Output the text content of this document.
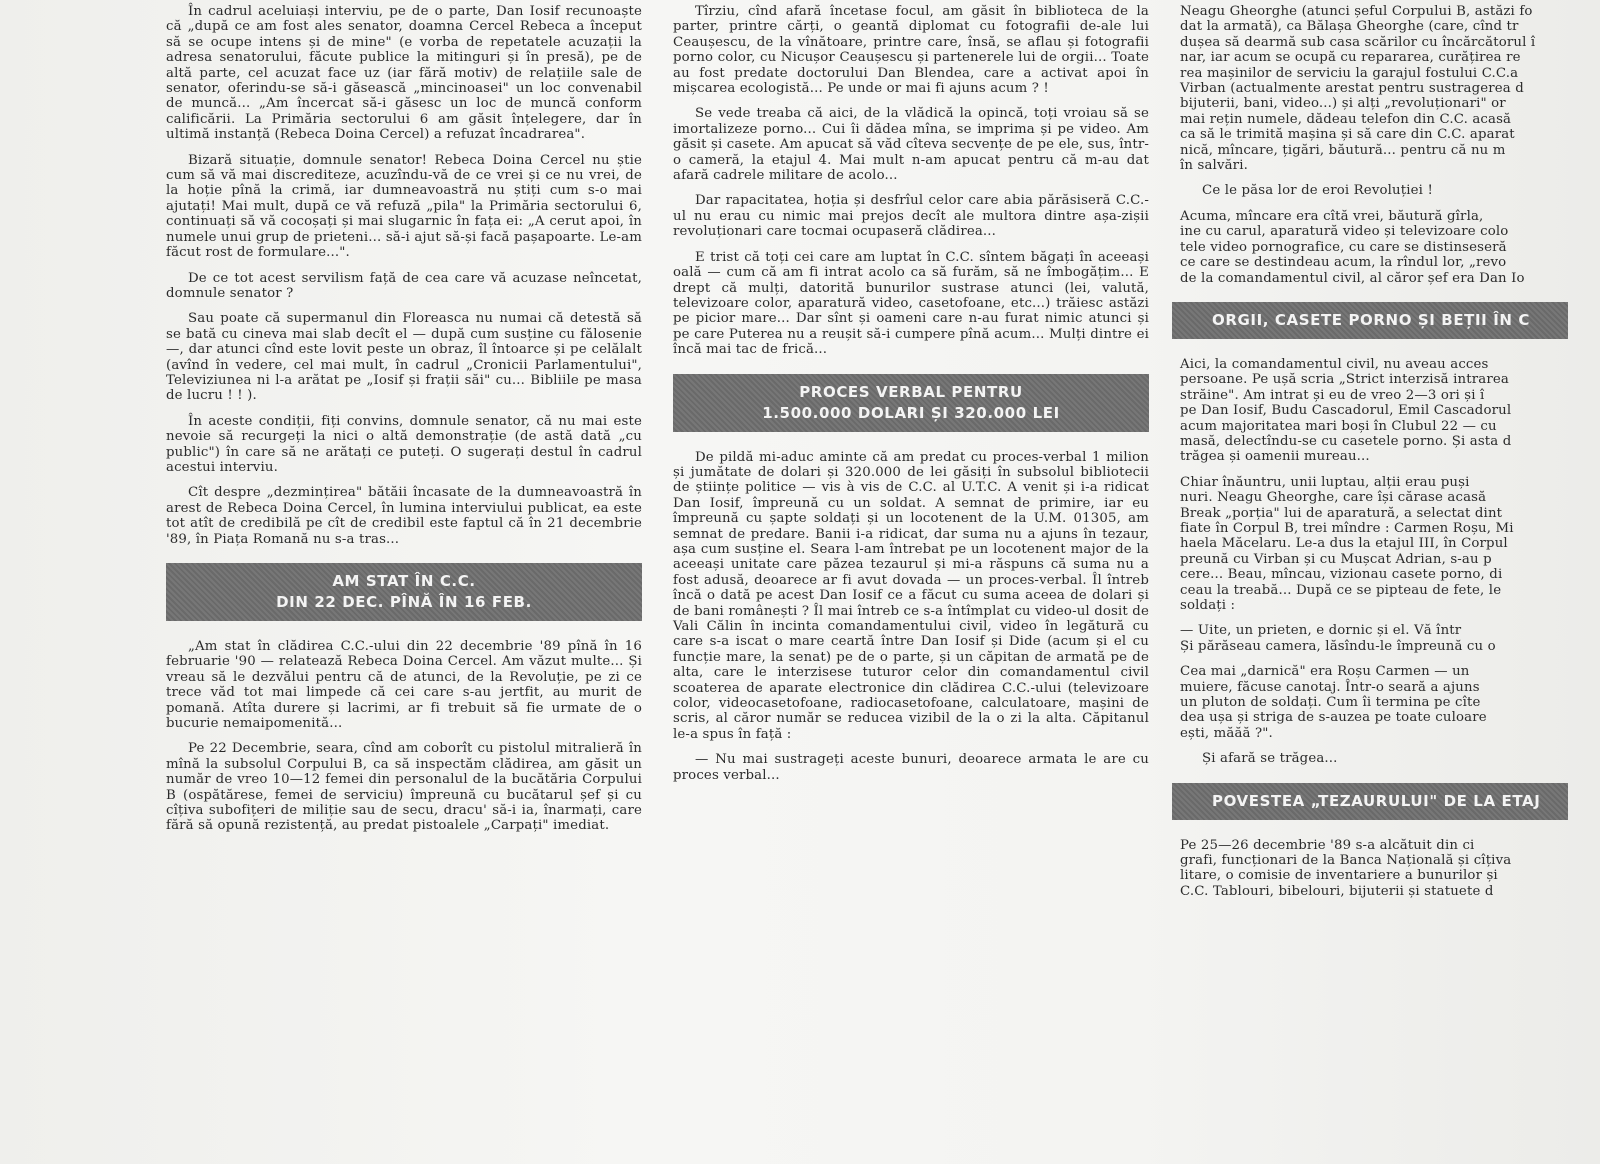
În cadrul aceluiași interviu, pe de o parte, Dan Iosif recunoaște că „după ce am fost ales senator, doamna Cercel Rebeca a început să se ocupe intens și de mine" (e vorba de repetatele acuzații la adresa senatorului, făcute publice la mitinguri și în presă), pe de altă parte, cel acuzat face uz (iar fără motiv) de relațiile sale de senator, oferindu-se să-i găsească „mincinoasei" un loc convenabil de muncă... „Am încercat să-i găsesc un loc de muncă conform calificării. La Primăria sectorului 6 am găsit înțelegere, dar în ultimă instanță (Rebeca Doina Cercel) a refuzat încadrarea".

Bizară situație, domnule senator! Rebeca Doina Cercel nu știe cum să vă mai discrediteze, acuzîndu-vă de ce vrei și ce nu vrei, de la hoție pînă la crimă, iar dumneavoastră nu știți cum s-o mai ajutați! Mai mult, după ce vă refuză „pila" la Primăria sectorului 6, continuați să vă cocoșați și mai slugarnic în fața ei: „A cerut apoi, în numele unui grup de prieteni... să-i ajut să-și facă pașapoarte. Le-am făcut rost de formulare...".

De ce tot acest servilism față de cea care vă acuzase neîncetat, domnule senator ?

Sau poate că supermanul din Floreasca nu numai că detestă să se bată cu cineva mai slab decît el — după cum susține cu fălosenie —, dar atunci cînd este lovit peste un obraz, îl întoarce și pe celălalt (avînd în vedere, cel mai mult, în cadrul „Cronicii Parlamentului", Televiziunea ni l-a arătat pe „Iosif și frații săi" cu... Bibliile pe masa de lucru ! ! ).

În aceste condiții, fiți convins, domnule senator, că nu mai este nevoie să recurgeți la nici o altă demonstrație (de astă dată „cu public") în care să ne arătați ce puteți. O sugerați destul în cadrul acestui interviu.

Cît despre „dezmințirea" bătăii încasate de la dumneavoastră în arest de Rebeca Doina Cercel, în lumina interviului publicat, ea este tot atît de credibilă pe cît de credibil este faptul că în 21 decembrie '89, în Piața Romană nu s-a tras...

AM STAT ÎN C.C.
DIN 22 DEC. PÎNĂ ÎN 16 FEB.

„Am stat în clădirea C.C.-ului din 22 decembrie '89 pînă în 16 februarie '90 — relatează Rebeca Doina Cercel. Am văzut multe... Și vreau să le dezvălui pentru că de atunci, de la Revoluție, pe zi ce trece văd tot mai limpede că cei care s-au jertfit, au murit de pomană. Atîta durere și lacrimi, ar fi trebuit să fie urmate de o bucurie nemaipomenită...

Pe 22 Decembrie, seara, cînd am coborît cu pistolul mitralieră în mînă la subsolul Corpului B, ca să inspectăm clădirea, am găsit un număr de vreo 10—12 femei din personalul de la bucătăria Corpului B (ospătărese, femei de serviciu) împreună cu bucătarul șef și cu cîțiva subofițeri de miliție sau de secu, dracu' să-i ia, înarmați, care fără să opună rezistență, au predat pistoalele „Carpați" imediat.

Tîrziu, cînd afară încetase focul, am găsit în biblioteca de la parter, printre cărți, o geantă diplomat cu fotografii de-ale lui Ceaușescu, de la vînătoare, printre care, însă, se aflau și fotografii porno color, cu Nicușor Ceaușescu și partenerele lui de orgii... Toate au fost predate doctorului Dan Blendea, care a activat apoi în mișcarea ecologistă... Pe unde or mai fi ajuns acum ? !

Se vede treaba că aici, de la vlădică la opincă, toți vroiau să se imortalizeze porno... Cui îi dădea mîna, se imprima și pe video. Am găsit și casete. Am apucat să văd cîteva secvențe de pe ele, sus, într-o cameră, la etajul 4. Mai mult n-am apucat pentru că m-au dat afară cadrele militare de acolo...

Dar rapacitatea, hoția și desfrîul celor care abia părăsiseră C.C.-ul nu erau cu nimic mai prejos decît ale multora dintre așa-zișii revoluționari care tocmai ocupaseră clădirea...

E trist că toți cei care am luptat în C.C. sîntem băgați în aceeași oală — cum că am fi intrat acolo ca să furăm, să ne îmbogățim... E drept că mulți, datorită bunurilor sustrase atunci (lei, valută, televizoare color, aparatură video, casetofoane, etc...) trăiesc astăzi pe picior mare... Dar sînt și oameni care n-au furat nimic atunci și pe care Puterea nu a reușit să-i cumpere pînă acum... Mulți dintre ei încă mai tac de frică...

PROCES VERBAL PENTRU
1.500.000 DOLARI ȘI 320.000 LEI

De pildă mi-aduc aminte că am predat cu proces-verbal 1 milion și jumătate de dolari și 320.000 de lei găsiți în subsolul bibliotecii de științe politice — vis à vis de C.C. al U.T.C. A venit și i-a ridicat Dan Iosif, împreună cu un soldat. A semnat de primire, iar eu împreună cu șapte soldați și un locotenent de la U.M. 01305, am semnat de predare. Banii i-a ridicat, dar suma nu a ajuns în tezaur, așa cum susține el. Seara l-am întrebat pe un locotenent major de la aceeași unitate care păzea tezaurul și mi-a răspuns că suma nu a fost adusă, deoarece ar fi avut dovada — un proces-verbal. Îl întreb încă o dată pe acest Dan Iosif ce a făcut cu suma aceea de dolari și de bani românești ? Îl mai întreb ce s-a întîmplat cu video-ul dosit de Vali Călin în incinta comandamentului civil, video în legătură cu care s-a iscat o mare ceartă între Dan Iosif și Dide (acum și el cu funcție mare, la senat) pe de o parte, și un căpitan de armată pe de alta, care le interzisese tuturor celor din comandamentul civil scoaterea de aparate electronice din clădirea C.C.-ului (televizoare color, videocasetofoane, radiocasetofoane, calculatoare, mașini de scris, al căror număr se reducea vizibil de la o zi la alta. Căpitanul le-a spus în față :

— Nu mai sustrageți aceste bunuri, deoarece armata le are cu proces verbal...

Neagu Gheorghe (atunci șeful Corpului B, astăzi fo
dat la armată), ca Bălașa Gheorghe (care, cînd tr
dușea să dearmă sub casa scărilor cu încărcătorul î
nar, iar acum se ocupă cu repararea, curățirea re
rea mașinilor de serviciu la garajul fostului C.C.a
Virban (actualmente arestat pentru sustragerea d
bijuterii, bani, video...) și alți „revoluționari" or
mai rețin numele, dădeau telefon din C.C. acasă
ca să le trimită mașina și să care din C.C. aparat
nică, mîncare, țigări, băutură... pentru că nu m
în salvări.

Ce le păsa lor de eroi Revoluției !

Acuma, mîncare era cîtă vrei, băutură gîrla,
ine cu carul, aparatură video și televizoare colo
tele video pornografice, cu care se distinseseră
ce care se destindeau acum, la rîndul lor, „revo
de la comandamentul civil, al căror șef era Dan Io

ORGII, CASETE PORNO ȘI BEȚII ÎN C

Aici, la comandamentul civil, nu aveau acces
persoane. Pe ușă scria „Strict interzisă intrarea
străine". Am intrat și eu de vreo 2—3 ori și î
pe Dan Iosif, Budu Cascadorul, Emil Cascadorul
acum majoritatea mari boși în Clubul 22 — cu
masă, delectîndu-se cu casetele porno. Și asta d
trăgea și oamenii mureau...

Chiar înăuntru, unii luptau, alții erau puși
nuri. Neagu Gheorghe, care își cărase acasă
Break „porția" lui de aparatură, a selectat dint
fiate în Corpul B, trei mîndre : Carmen Roșu, Mi
haela Măcelaru. Le-a dus la etajul III, în Corpul
preună cu Virban și cu Mușcat Adrian, s-au p
cere... Beau, mîncau, vizionau casete porno, di
ceau la treabă... După ce se pipteau de fete, le
soldați :

— Uite, un prieten, e dornic și el. Vă într
Și părăseau camera, lăsîndu-le împreună cu o

Cea mai „darnică" era Roșu Carmen — un
muiere, făcuse canotaj. Într-o seară a ajuns
un pluton de soldați. Cum îi termina pe cîte
dea ușa și striga de s-auzea pe toate culoare
ești, măăă ?".

Și afară se trăgea...

POVESTEA „TEZAURULUI" DE LA ETAJ

Pe 25—26 decembrie '89 s-a alcătuit din ci
grafi, funcționari de la Banca Națională și cîțiva
litare, o comisie de inventariere a bunurilor și
C.C. Tablouri, bibelouri, bijuterii și statuete d
